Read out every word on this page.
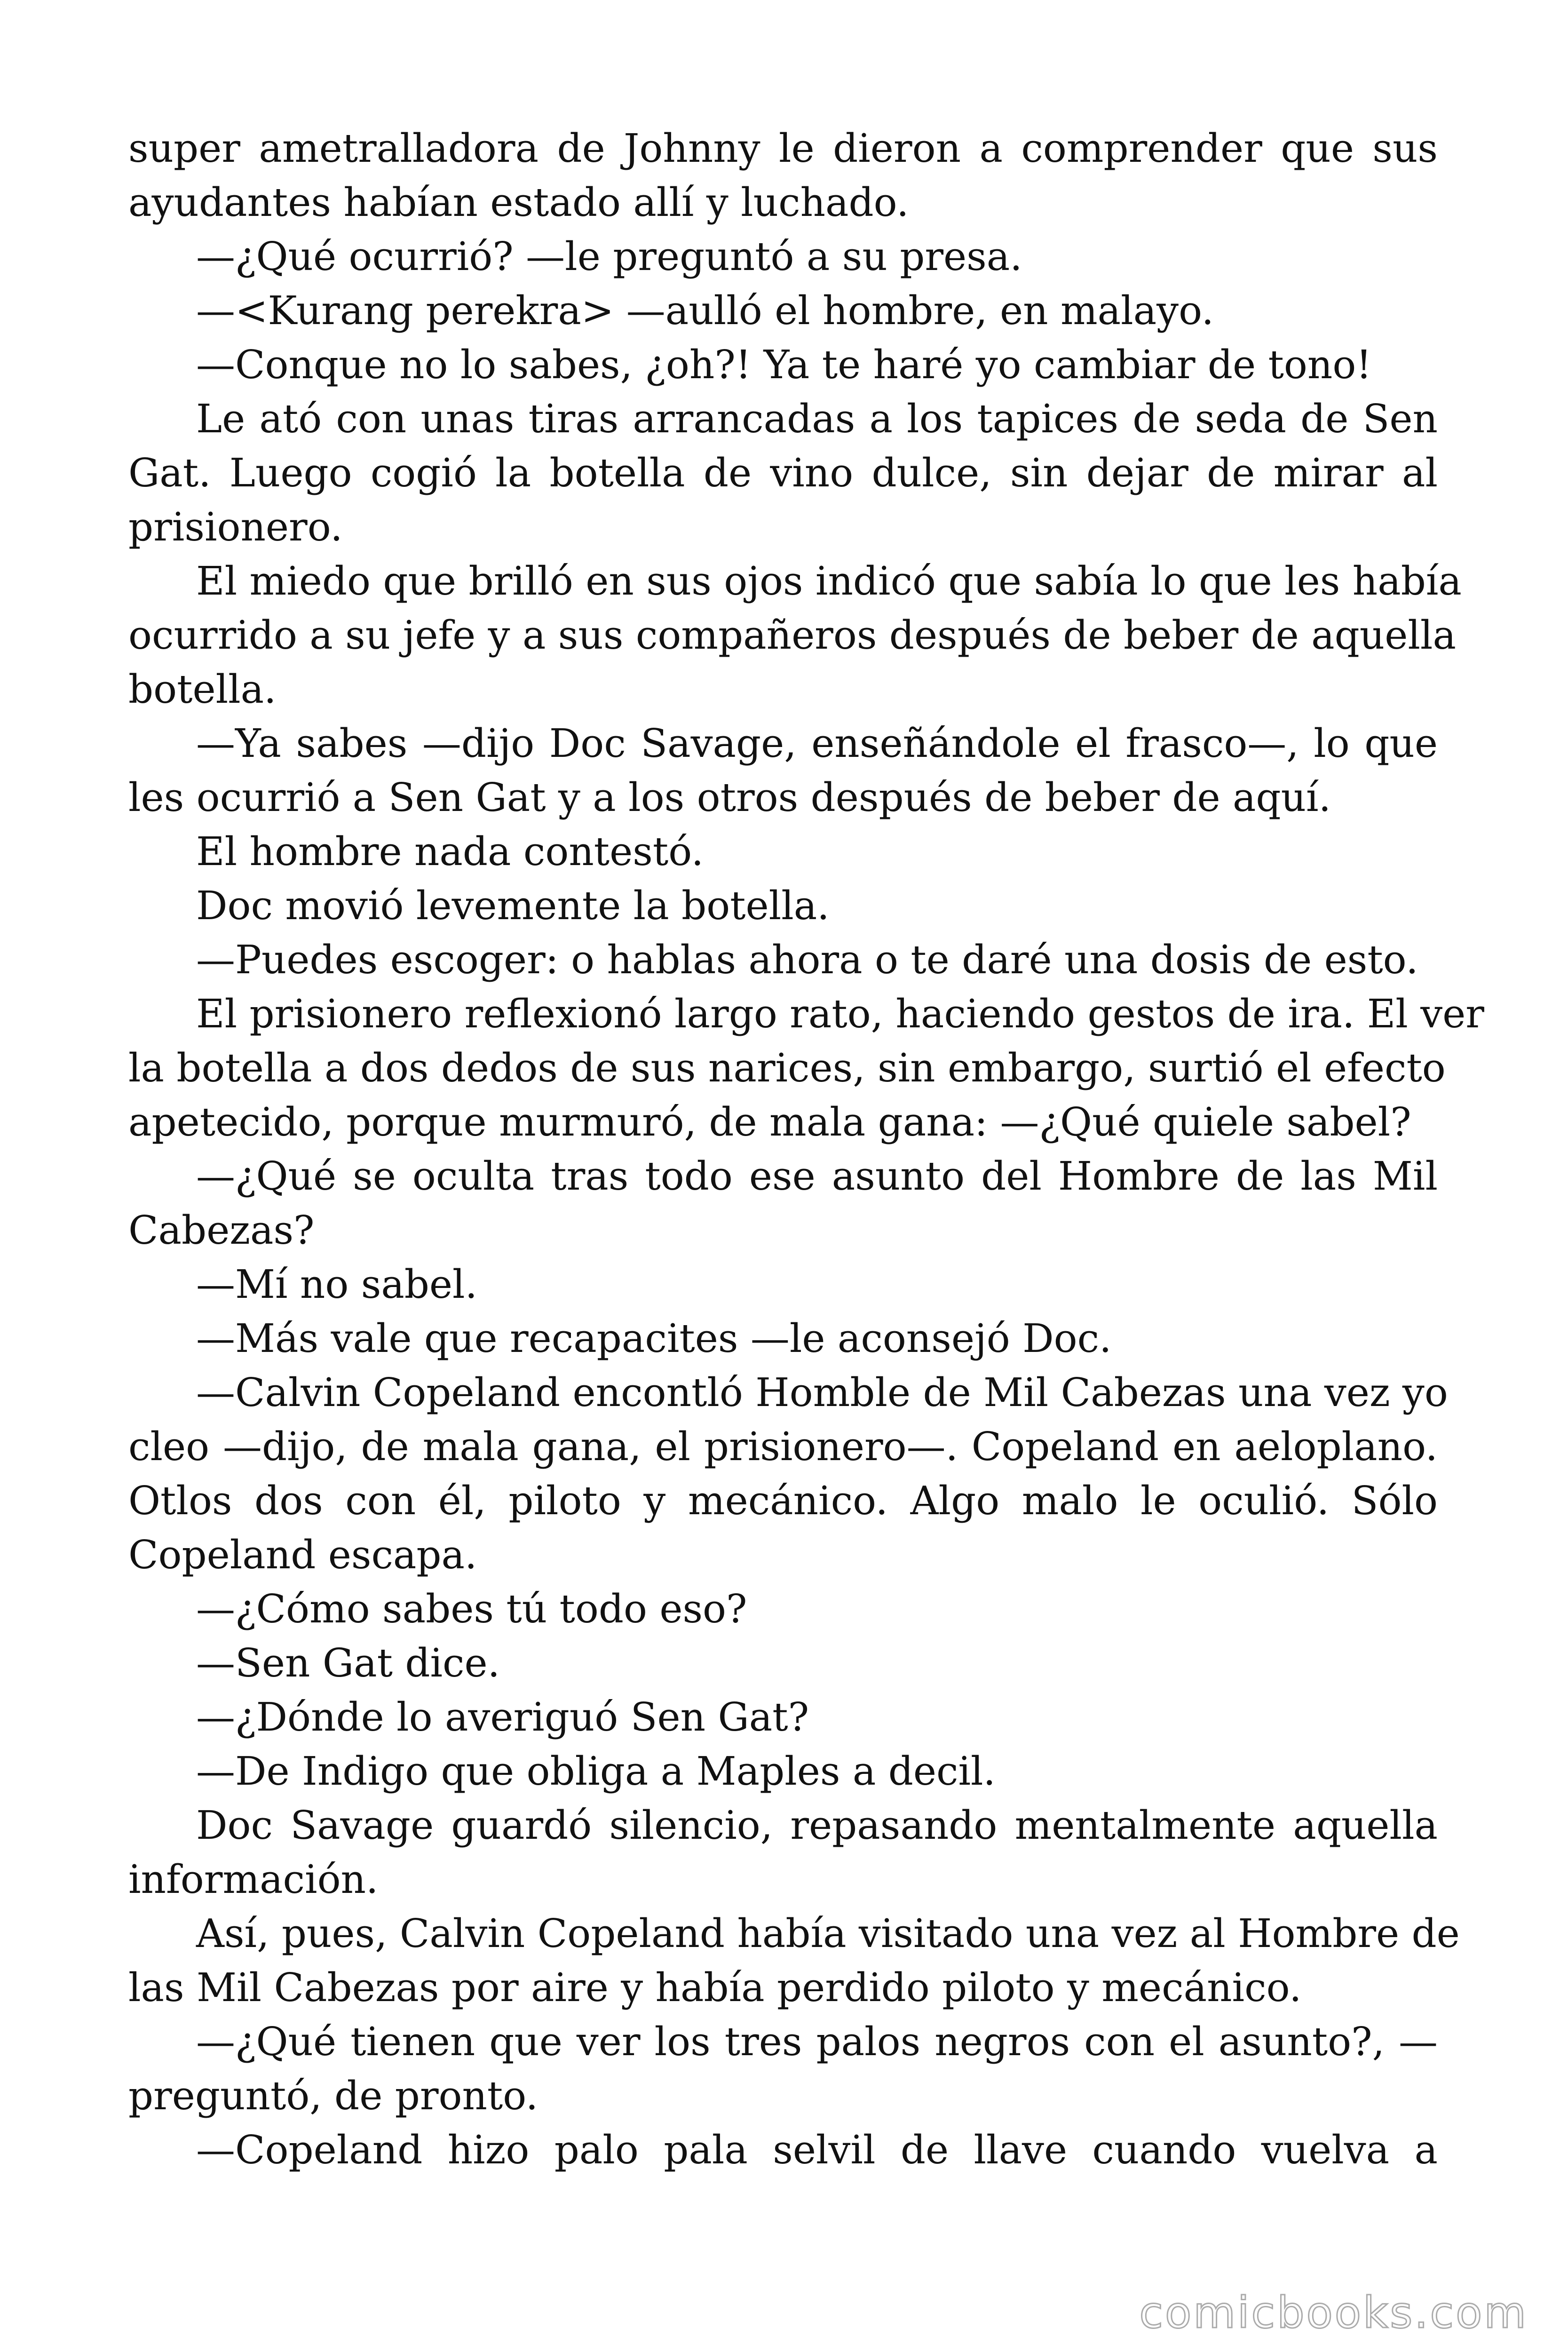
super ametralladora de Johnny le dieron a comprender que sus
ayudantes habían estado allí y luchado.
—¿Qué ocurrió? —le preguntó a su presa.
—<Kurang perekra> —aulló el hombre, en malayo.
—Conque no lo sabes, ¿oh?! Ya te haré yo cambiar de tono!
Le ató con unas tiras arrancadas a los tapices de seda de Sen
Gat. Luego cogió la botella de vino dulce, sin dejar de mirar al
prisionero.
El miedo que brilló en sus ojos indicó que sabía lo que les había
ocurrido a su jefe y a sus compañeros después de beber de aquella
botella.
—Ya sabes —dijo Doc Savage, enseñándole el frasco—, lo que
les ocurrió a Sen Gat y a los otros después de beber de aquí.
El hombre nada contestó.
Doc movió levemente la botella.
—Puedes escoger: o hablas ahora o te daré una dosis de esto.
El prisionero reflexionó largo rato, haciendo gestos de ira. El ver
la botella a dos dedos de sus narices, sin embargo, surtió el efecto
apetecido, porque murmuró, de mala gana: —¿Qué quiele sabel?
—¿Qué se oculta tras todo ese asunto del Hombre de las Mil
Cabezas?
—Mí no sabel.
—Más vale que recapacites —le aconsejó Doc.
—Calvin Copeland encontló Homble de Mil Cabezas una vez yo
cleo —dijo, de mala gana, el prisionero—. Copeland en aeloplano.
Otlos dos con él, piloto y mecánico. Algo malo le oculió. Sólo
Copeland escapa.
—¿Cómo sabes tú todo eso?
—Sen Gat dice.
—¿Dónde lo averiguó Sen Gat?
—De Indigo que obliga a Maples a decil.
Doc Savage guardó silencio, repasando mentalmente aquella
información.
Así, pues, Calvin Copeland había visitado una vez al Hombre de
las Mil Cabezas por aire y había perdido piloto y mecánico.
—¿Qué tienen que ver los tres palos negros con el asunto?, —
preguntó, de pronto.
—Copeland hizo palo pala selvil de llave cuando vuelva a
comicbooks.com
